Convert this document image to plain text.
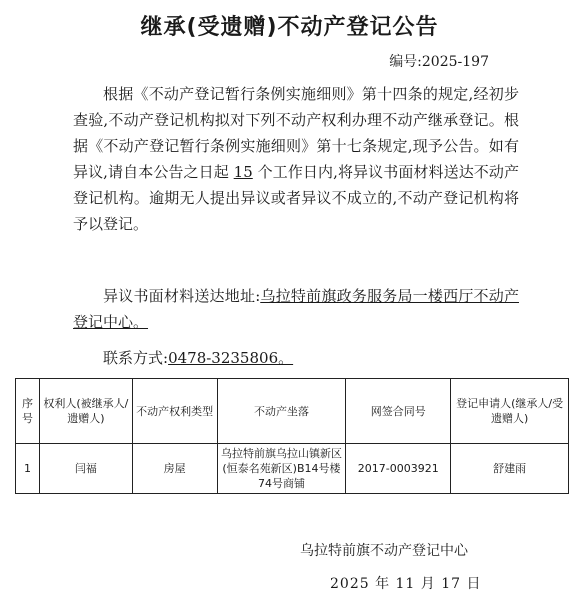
继承(受遗赠)不动产登记公告
编号:2025-197

根据《不动产登记暂行条例实施细则》第十四条的规定,经初步查验,不动产登记机构拟对下列不动产权利办理不动产继承登记。根据《不动产登记暂行条例实施细则》第十七条规定,现予公告。如有异议,请自本公告之日起 15 个工作日内,将异议书面材料送达不动产登记机构。逾期无人提出异议或者异议不成立的,不动产登记机构将予以登记。

异议书面材料送达地址:乌拉特前旗政务服务局一楼西厅不动产登记中心。

联系方式:0478-3235806。

序号	权利人(被继承人/遗赠人)	不动产权利类型	不动产坐落	网签合同号	登记申请人(继承人/受遗赠人)
1	闫福	房屋	乌拉特前旗乌拉山镇新区(恒泰名苑新区)B14号楼74号商铺	2017-0003921	舒建雨
乌拉特前旗不动产登记中心
2025 年 11 月 17 日
